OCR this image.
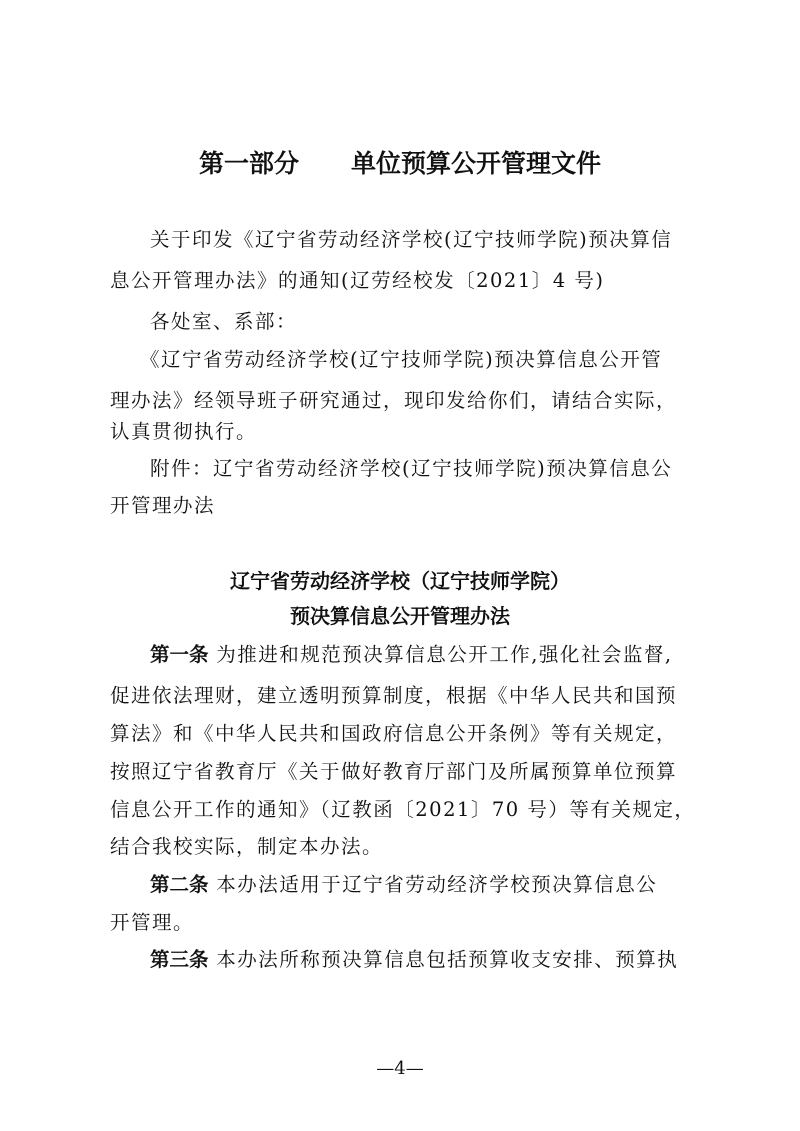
第一部分 单位预算公开管理文件
关于印发《辽宁省劳动经济学校(辽宁技师学院)预决算信
息公开管理办法》的通知(辽劳经校发〔2021〕4 号)
各处室、系部：
《辽宁省劳动经济学校(辽宁技师学院)预决算信息公开管
理办法》经领导班子研究通过，现印发给你们，请结合实际，
认真贯彻执行。
附件：辽宁省劳动经济学校(辽宁技师学院)预决算信息公
开管理办法
辽宁省劳动经济学校（辽宁技师学院）
预决算信息公开管理办法
第一条 为推进和规范预决算信息公开工作,强化社会监督,
促进依法理财，建立透明预算制度，根据《中华人民共和国预
算法》和《中华人民共和国政府信息公开条例》等有关规定，
按照辽宁省教育厅《关于做好教育厅部门及所属预算单位预算
信息公开工作的通知》（辽教函〔2021〕70 号）等有关规定，
结合我校实际，制定本办法。
第二条 本办法适用于辽宁省劳动经济学校预决算信息公
开管理。
第三条 本办法所称预决算信息包括预算收支安排、预算执
—4—
